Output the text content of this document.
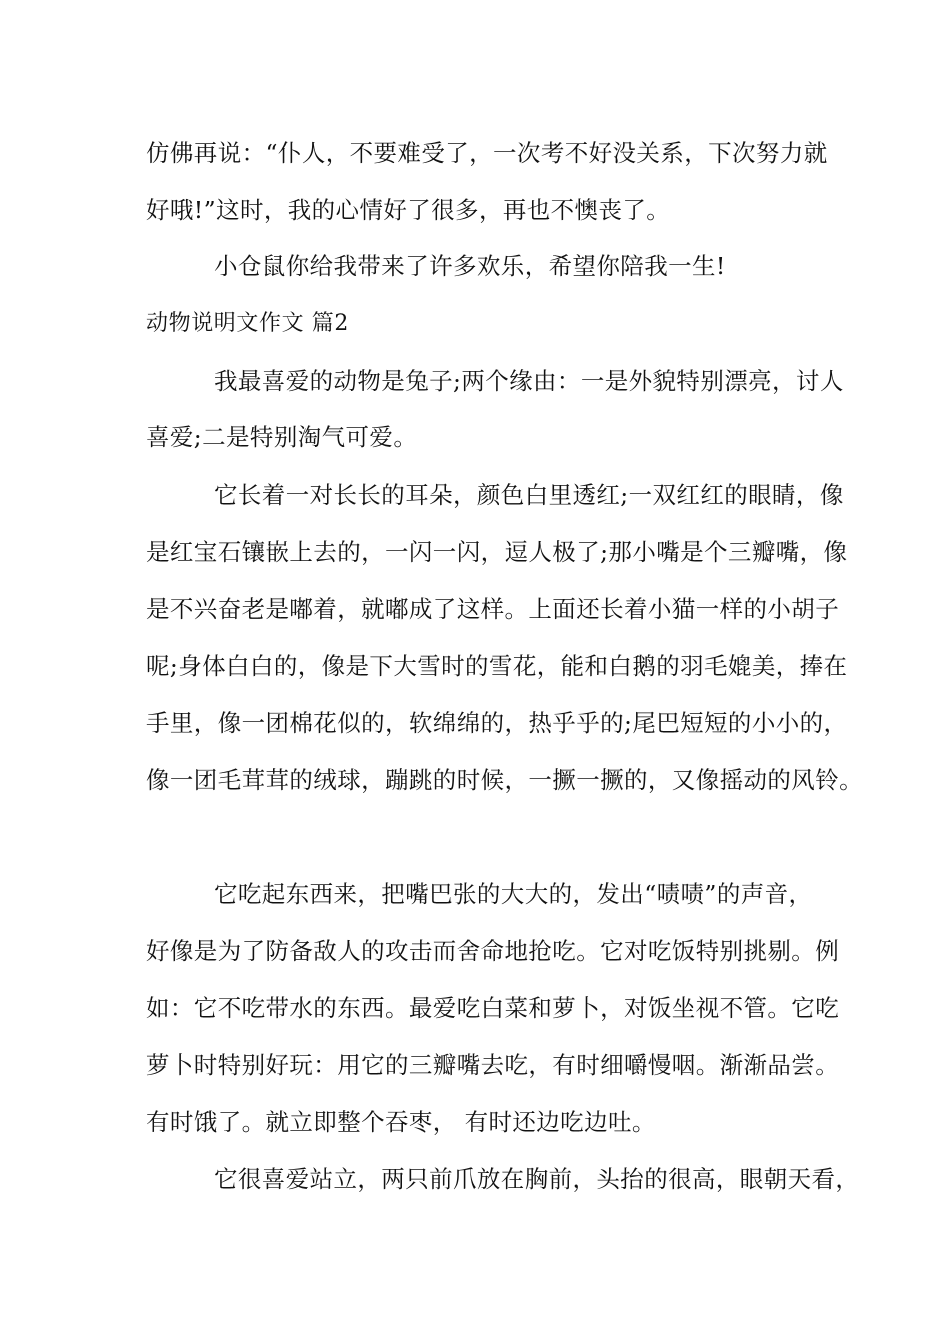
仿佛再说：“仆人，不要难受了，一次考不好没关系，下次努力就
好哦!”这时，我的心情好了很多，再也不懊丧了。
小仓鼠你给我带来了许多欢乐，希望你陪我一生!
动物说明文作文 篇2
我最喜爱的动物是兔子;两个缘由：一是外貌特别漂亮，讨人
喜爱;二是特别淘气可爱。
它长着一对长长的耳朵，颜色白里透红;一双红红的眼睛，像
是红宝石镶嵌上去的，一闪一闪，逗人极了;那小嘴是个三瓣嘴，像
是不兴奋老是嘟着，就嘟成了这样。上面还长着小猫一样的小胡子
呢;身体白白的，像是下大雪时的雪花，能和白鹅的羽毛媲美，捧在
手里，像一团棉花似的，软绵绵的，热乎乎的;尾巴短短的小小的，
像一团毛茸茸的绒球，蹦跳的时候，一撅一撅的，又像摇动的风铃。
它吃起东西来，把嘴巴张的大大的，发出“啧啧”的声音，
好像是为了防备敌人的攻击而舍命地抢吃。它对吃饭特别挑剔。例
如：它不吃带水的东西。最爱吃白菜和萝卜，对饭坐视不管。它吃
萝卜时特别好玩：用它的三瓣嘴去吃，有时细嚼慢咽。渐渐品尝。
有时饿了。就立即整个吞枣， 有时还边吃边吐。
它很喜爱站立，两只前爪放在胸前，头抬的很高，眼朝天看，
